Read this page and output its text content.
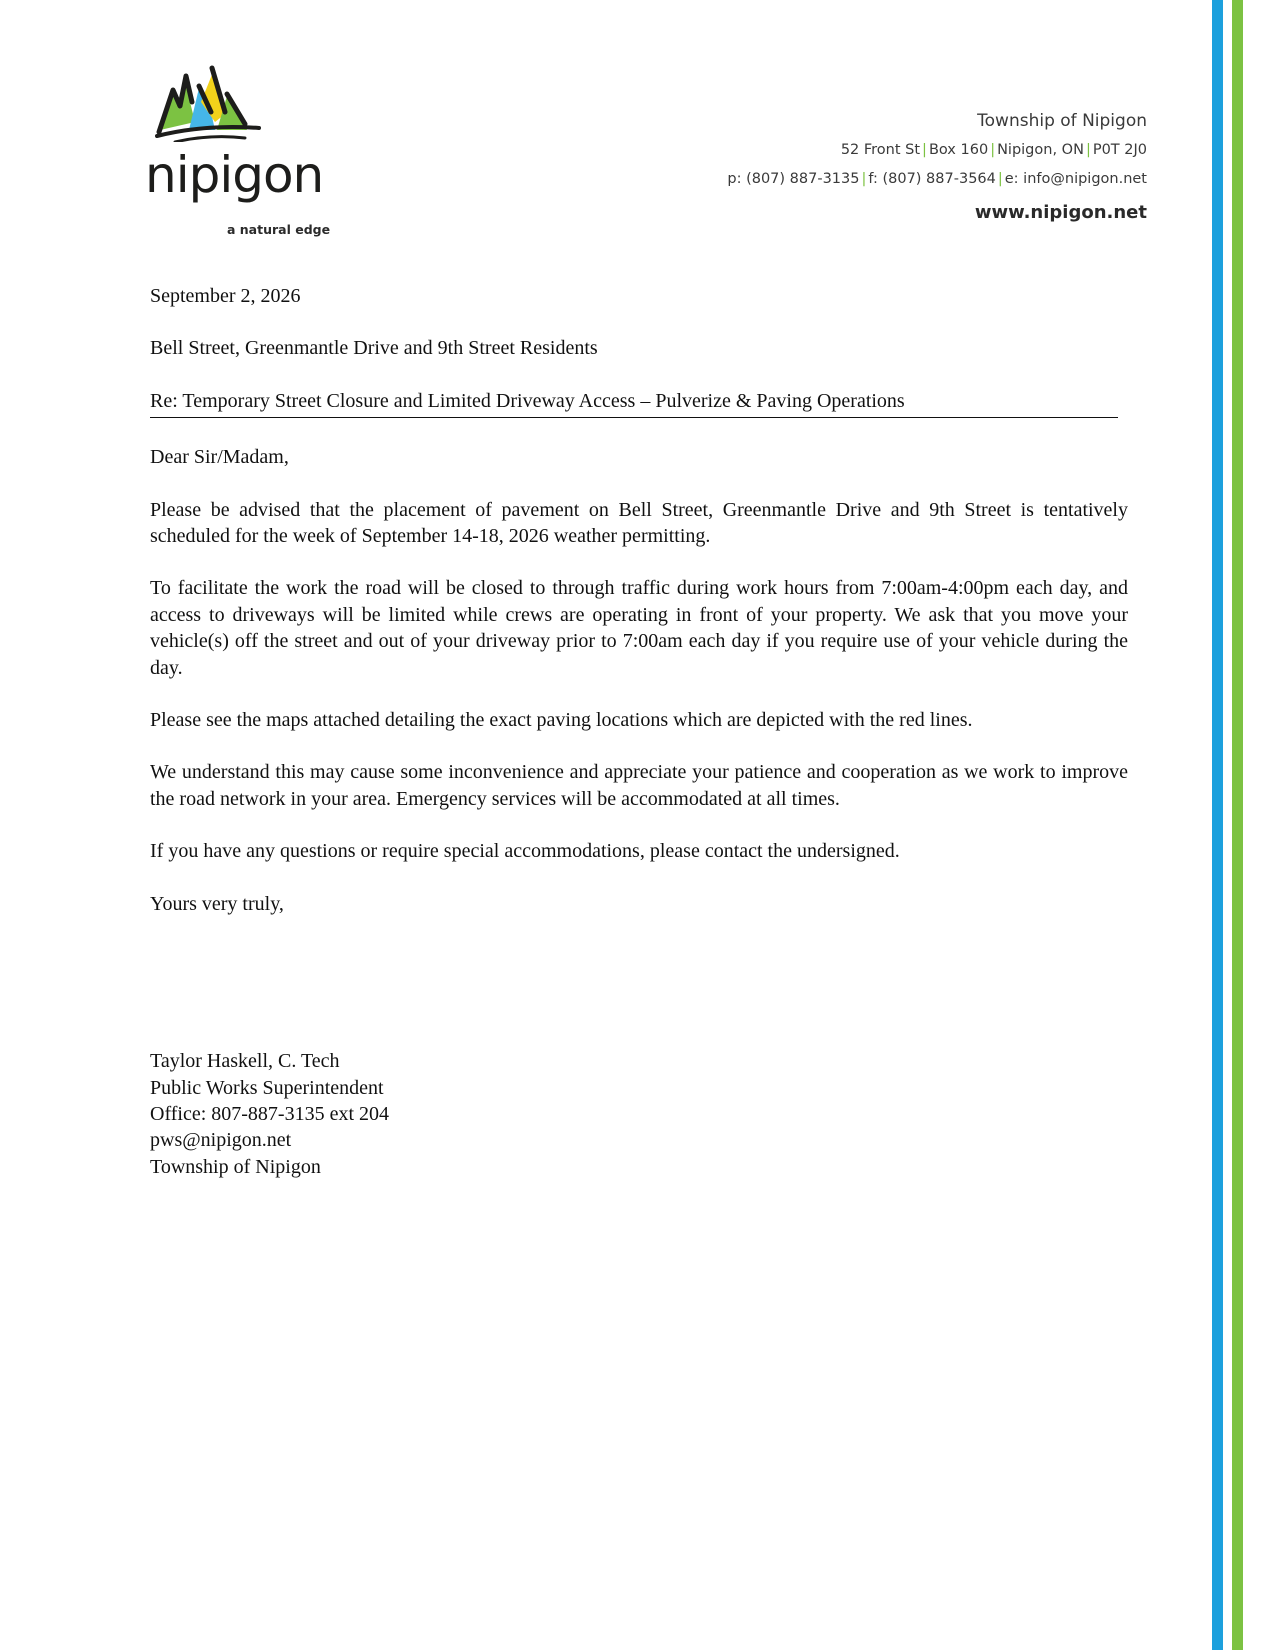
nipigon
a natural edge
Township of Nipigon
52 Front St | Box 160 | Nipigon, ON | P0T 2J0
p: (807) 887-3135 | f: (807) 887-3564 | e: info@nipigon.net
www.nipigon.net

September 2, 2026

Bell Street, Greenmantle Drive and 9th Street Residents

Re: Temporary Street Closure and Limited Driveway Access – Pulverize & Paving Operations

Dear Sir/Madam,

Please be advised that the placement of pavement on Bell Street, Greenmantle Drive and 9th Street is tentatively scheduled for the week of September 14-18, 2026 weather permitting.

To facilitate the work the road will be closed to through traffic during work hours from 7:00am-4:00pm each day, and access to driveways will be limited while crews are operating in front of your property. We ask that you move your vehicle(s) off the street and out of your driveway prior to 7:00am each day if you require use of your vehicle during the day.

Please see the maps attached detailing the exact paving locations which are depicted with the red lines.

We understand this may cause some inconvenience and appreciate your patience and cooperation as we work to improve the road network in your area. Emergency services will be accommodated at all times.

If you have any questions or require special accommodations, please contact the undersigned.

Yours very truly,

Taylor Haskell, C. Tech
Public Works Superintendent
Office: 807-887-3135 ext 204
pws@nipigon.net
Township of Nipigon
